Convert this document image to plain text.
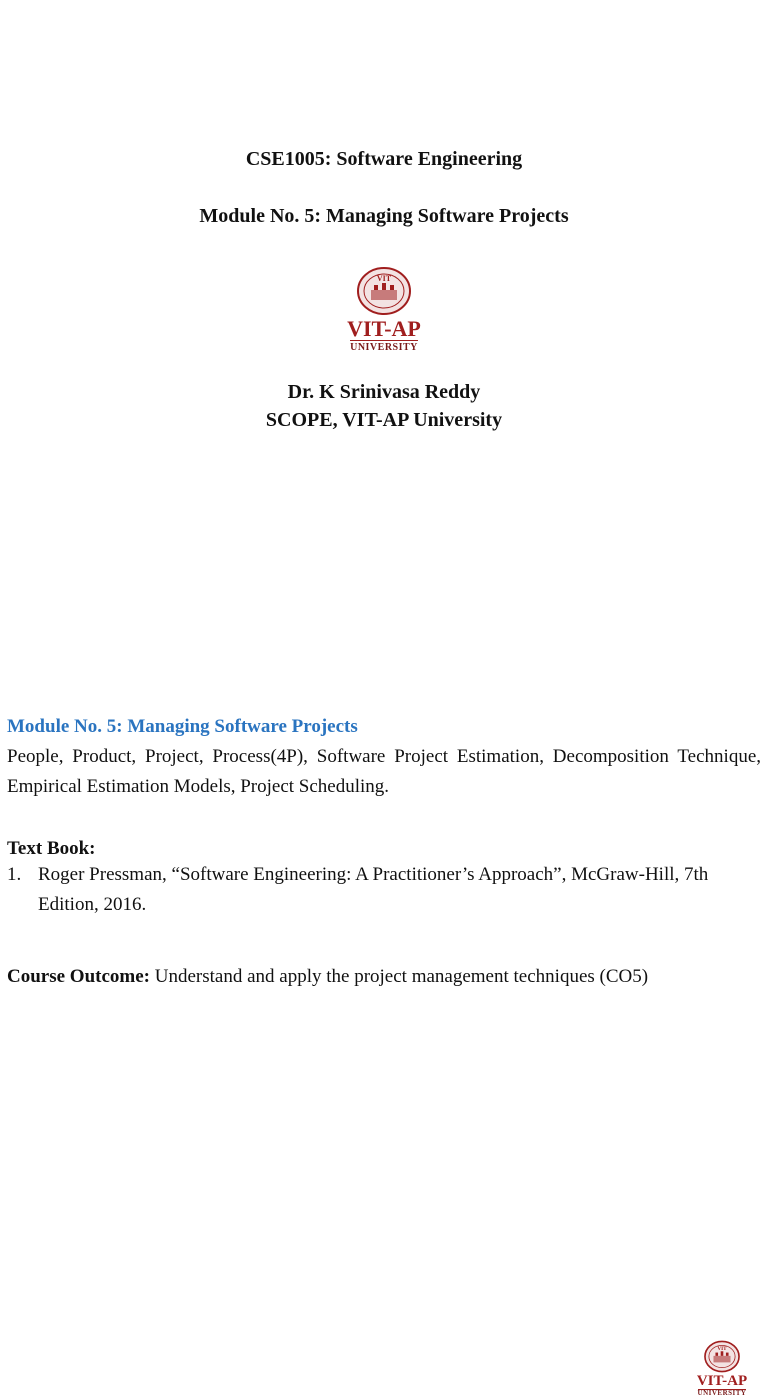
CSE1005: Software Engineering
Module No. 5: Managing Software Projects
VIT
VIT-AP
UNIVERSITY
Dr. K Srinivasa Reddy
SCOPE, VIT-AP University
VIT
VIT-AP
UNIVERSITY
Module No. 5: Managing Software Projects
People, Product, Project, Process(4P), Software Project Estimation, Decomposition Technique, Empirical Estimation Models, Project Scheduling.
Text Book:
1. Roger Pressman, “Software Engineering: A Practitioner’s Approach”, McGraw-Hill, 7th Edition, 2016.
Course Outcome: Understand and apply the project management techniques (CO5)
